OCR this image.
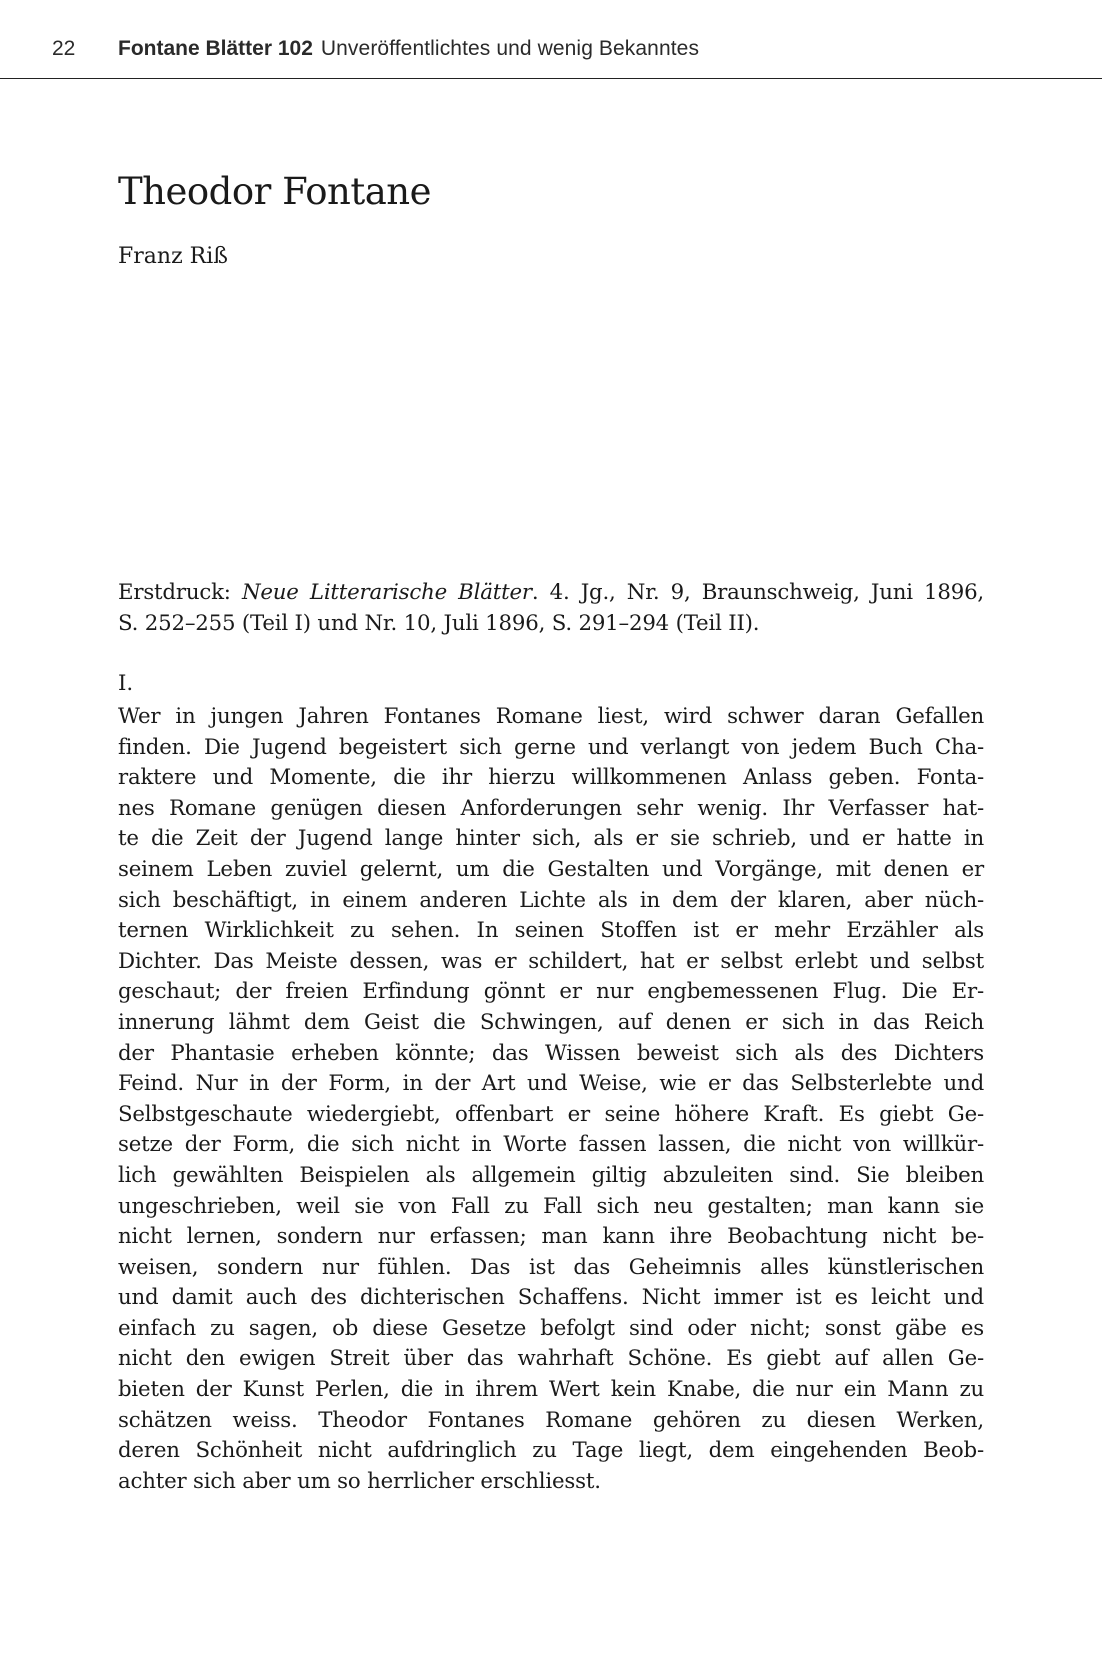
22 Fontane Blätter 102 Unveröffentlichtes und wenig Bekanntes
Theodor Fontane
Franz Riß
Erstdruck: Neue Litterarische Blätter. 4. Jg., Nr. 9, Braunschweig, Juni 1896,
S. 252–255 (Teil I) und Nr. 10, Juli 1896, S. 291–294 (Teil II).
I.
Wer in jungen Jahren Fontanes Romane liest, wird schwer daran Gefallen
finden. Die Jugend begeistert sich gerne und verlangt von jedem Buch Cha-
raktere und Momente, die ihr hierzu willkommenen Anlass geben. Fonta-
nes Romane genügen diesen Anforderungen sehr wenig. Ihr Verfasser hat-
te die Zeit der Jugend lange hinter sich, als er sie schrieb, und er hatte in
seinem Leben zuviel gelernt, um die Gestalten und Vorgänge, mit denen er
sich beschäftigt, in einem anderen Lichte als in dem der klaren, aber nüch-
ternen Wirklichkeit zu sehen. In seinen Stoffen ist er mehr Erzähler als
Dichter. Das Meiste dessen, was er schildert, hat er selbst erlebt und selbst
geschaut; der freien Erfindung gönnt er nur engbemessenen Flug. Die Er-
innerung lähmt dem Geist die Schwingen, auf denen er sich in das Reich
der Phantasie erheben könnte; das Wissen beweist sich als des Dichters
Feind. Nur in der Form, in der Art und Weise, wie er das Selbsterlebte und
Selbstgeschaute wiedergiebt, offenbart er seine höhere Kraft. Es giebt Ge-
setze der Form, die sich nicht in Worte fassen lassen, die nicht von willkür-
lich gewählten Beispielen als allgemein giltig abzuleiten sind. Sie bleiben
ungeschrieben, weil sie von Fall zu Fall sich neu gestalten; man kann sie
nicht lernen, sondern nur erfassen; man kann ihre Beobachtung nicht be-
weisen, sondern nur fühlen. Das ist das Geheimnis alles künstlerischen
und damit auch des dichterischen Schaffens. Nicht immer ist es leicht und
einfach zu sagen, ob diese Gesetze befolgt sind oder nicht; sonst gäbe es
nicht den ewigen Streit über das wahrhaft Schöne. Es giebt auf allen Ge-
bieten der Kunst Perlen, die in ihrem Wert kein Knabe, die nur ein Mann zu
schätzen weiss. Theodor Fontanes Romane gehören zu diesen Werken,
deren Schönheit nicht aufdringlich zu Tage liegt, dem eingehenden Beob-
achter sich aber um so herrlicher erschliesst.
